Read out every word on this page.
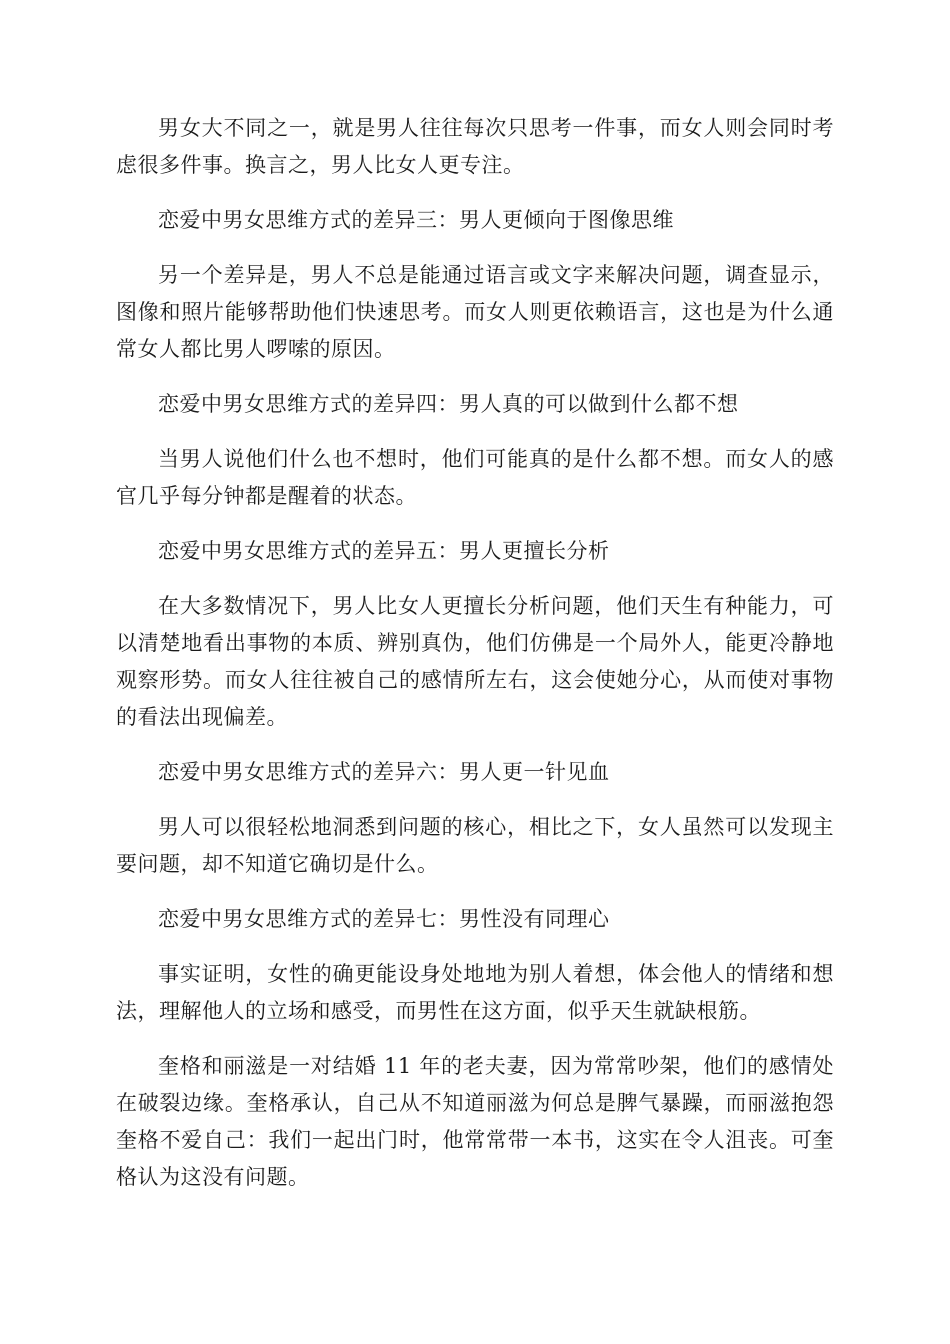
男女大不同之一，就是男人往往每次只思考一件事，而女人则会同时考虑很多件事。换言之，男人比女人更专注。

恋爱中男女思维方式的差异三：男人更倾向于图像思维

另一个差异是，男人不总是能通过语言或文字来解决问题，调查显示，图像和照片能够帮助他们快速思考。而女人则更依赖语言，这也是为什么通常女人都比男人啰嗦的原因。

恋爱中男女思维方式的差异四：男人真的可以做到什么都不想

当男人说他们什么也不想时，他们可能真的是什么都不想。而女人的感官几乎每分钟都是醒着的状态。

恋爱中男女思维方式的差异五：男人更擅长分析

在大多数情况下，男人比女人更擅长分析问题，他们天生有种能力，可以清楚地看出事物的本质、辨别真伪，他们仿佛是一个局外人，能更冷静地观察形势。而女人往往被自己的感情所左右，这会使她分心，从而使对事物的看法出现偏差。

恋爱中男女思维方式的差异六：男人更一针见血

男人可以很轻松地洞悉到问题的核心，相比之下，女人虽然可以发现主要问题，却不知道它确切是什么。

恋爱中男女思维方式的差异七：男性没有同理心

事实证明，女性的确更能设身处地地为别人着想，体会他人的情绪和想法，理解他人的立场和感受，而男性在这方面，似乎天生就缺根筋。

奎格和丽滋是一对结婚 11 年的老夫妻，因为常常吵架，他们的感情处在破裂边缘。奎格承认，自己从不知道丽滋为何总是脾气暴躁，而丽滋抱怨奎格不爱自己：我们一起出门时，他常常带一本书，这实在令人沮丧。可奎格认为这没有问题。
